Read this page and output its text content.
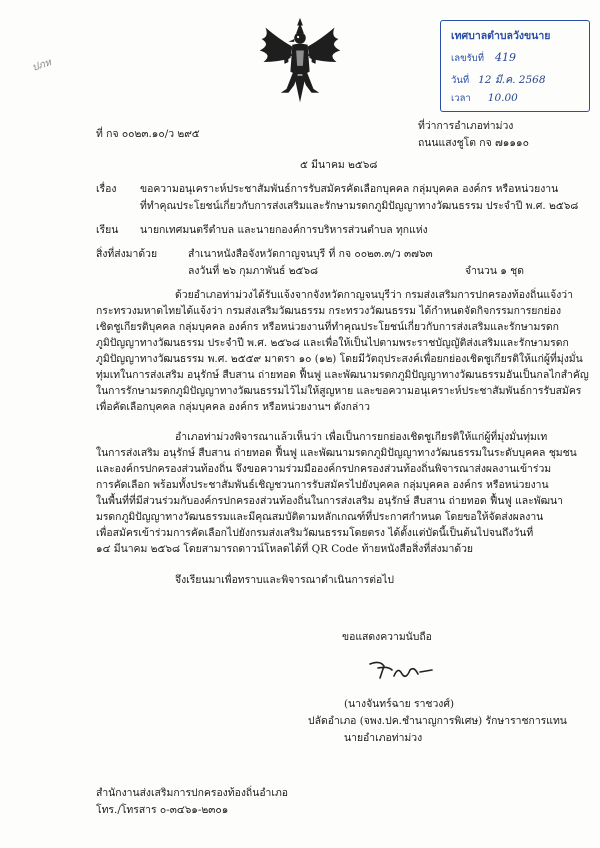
ปภห
เทศบาลตำบลวังขนาย
เลขรับที่ 419
วันที่ 12 มี.ค. 2568
เวลา 10.00
ที่ กจ ๐๐๒๓.๑๐/ว ๒๙๕
ที่ว่าการอำเภอท่าม่วง
ถนนแสงชูโต กจ ๗๑๑๑๐
๕ มีนาคม ๒๕๖๘
เรื่อง ขอความอนุเคราะห์ประชาสัมพันธ์การรับสมัครคัดเลือกบุคคล กลุ่มบุคคล องค์กร หรือหน่วยงาน
ที่ทำคุณประโยชน์เกี่ยวกับการส่งเสริมและรักษามรดกภูมิปัญญาทางวัฒนธรรม ประจำปี พ.ศ. ๒๕๖๘
เรียน นายกเทศมนตรีตำบล และนายกองค์การบริหารส่วนตำบล ทุกแห่ง
สิ่งที่ส่งมาด้วย	สำเนาหนังสือจังหวัดกาญจนบุรี ที่ กจ ๐๐๒๓.๓/ว ๓๗๖๓
ลงวันที่ ๒๖ กุมภาพันธ์ ๒๕๖๘	จำนวน ๑ ชุด
ด้วยอำเภอท่าม่วงได้รับแจ้งจากจังหวัดกาญจนบุรีว่า กรมส่งเสริมการปกครองท้องถิ่นแจ้งว่า
กระทรวงมหาดไทยได้แจ้งว่า กรมส่งเสริมวัฒนธรรม กระทรวงวัฒนธรรม ได้กำหนดจัดกิจกรรมการยกย่อง
เชิดชูเกียรติบุคคล กลุ่มบุคคล องค์กร หรือหน่วยงานที่ทำคุณประโยชน์เกี่ยวกับการส่งเสริมและรักษามรดก
ภูมิปัญญาทางวัฒนธรรม ประจำปี พ.ศ. ๒๕๖๘ และเพื่อให้เป็นไปตามพระราชบัญญัติส่งเสริมและรักษามรดก
ภูมิปัญญาทางวัฒนธรรม พ.ศ. ๒๕๕๙ มาตรา ๑๐ (๑๒) โดยมีวัตถุประสงค์เพื่อยกย่องเชิดชูเกียรติให้แก่ผู้ที่มุ่งมั่น
ทุ่มเทในการส่งเสริม อนุรักษ์ สืบสาน ถ่ายทอด ฟื้นฟู และพัฒนามรดกภูมิปัญญาทางวัฒนธรรมอันเป็นกลไกสำคัญ
ในการรักษามรดกภูมิปัญญาทางวัฒนธรรมไว้ไม่ให้สูญหาย และขอความอนุเคราะห์ประชาสัมพันธ์การรับสมัคร
เพื่อคัดเลือกบุคคล กลุ่มบุคคล องค์กร หรือหน่วยงานฯ ดังกล่าว
อำเภอท่าม่วงพิจารณาแล้วเห็นว่า เพื่อเป็นการยกย่องเชิดชูเกียรติให้แก่ผู้ที่มุ่งมั่นทุ่มเท
ในการส่งเสริม อนุรักษ์ สืบสาน ถ่ายทอด ฟื้นฟู และพัฒนามรดกภูมิปัญญาทางวัฒนธรรมในระดับบุคคล ชุมชน
และองค์กรปกครองส่วนท้องถิ่น จึงขอความร่วมมือองค์กรปกครองส่วนท้องถิ่นพิจารณาส่งผลงานเข้าร่วม
การคัดเลือก พร้อมทั้งประชาสัมพันธ์เชิญชวนการรับสมัครไปยังบุคคล กลุ่มบุคคล องค์กร หรือหน่วยงาน
ในพื้นที่ที่มีส่วนร่วมกับองค์กรปกครองส่วนท้องถิ่นในการส่งเสริม อนุรักษ์ สืบสาน ถ่ายทอด ฟื้นฟู และพัฒนา
มรดกภูมิปัญญาทางวัฒนธรรมและมีคุณสมบัติตามหลักเกณฑ์ที่ประกาศกำหนด โดยขอให้จัดส่งผลงาน
เพื่อสมัครเข้าร่วมการคัดเลือกไปยังกรมส่งเสริมวัฒนธรรมโดยตรง ได้ตั้งแต่บัดนี้เป็นต้นไปจนถึงวันที่
๑๔ มีนาคม ๒๕๖๘ โดยสามารถดาวน์โหลดได้ที่ QR Code ท้ายหนังสือสิ่งที่ส่งมาด้วย
จึงเรียนมาเพื่อทราบและพิจารณาดำเนินการต่อไป
ขอแสดงความนับถือ
(นางจันทร์ฉาย ราชวงศ์)
ปลัดอำเภอ (จพง.ปค.ชำนาญการพิเศษ) รักษาราชการแทน
นายอำเภอท่าม่วง
สำนักงานส่งเสริมการปกครองท้องถิ่นอำเภอ
โทร./โทรสาร ๐-๓๔๖๑-๒๓๐๑
